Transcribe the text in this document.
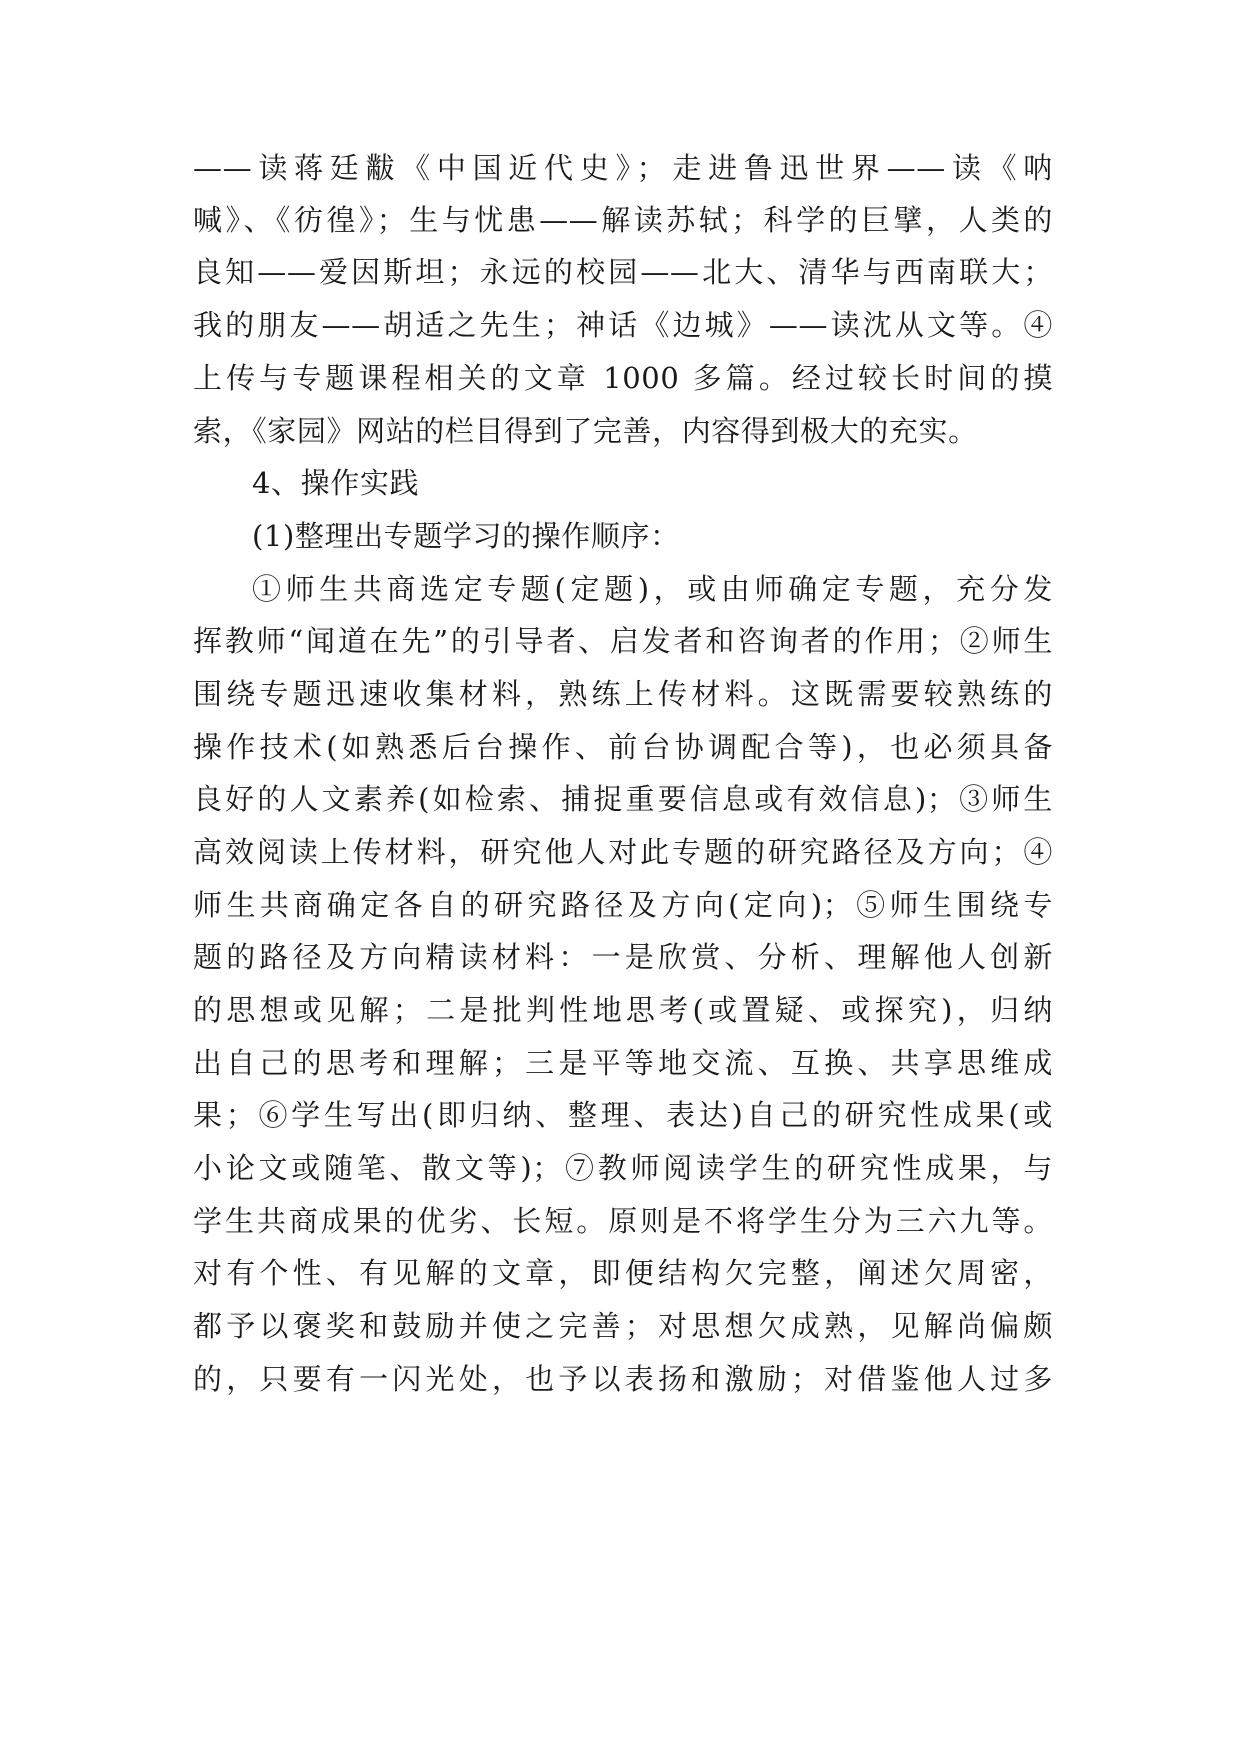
——读蒋廷黻《中国近代史》；走进鲁迅世界——读《呐
喊》、《彷徨》；生与忧患——解读苏轼；科学的巨擘，人类的
良知——爱因斯坦；永远的校园——北大、清华与西南联大；
我的朋友——胡适之先生；神话《边城》——读沈从文等。④
上传与专题课程相关的文章 1000 多篇。经过较长时间的摸
索，《家园》网站的栏目得到了完善，内容得到极大的充实。
4、操作实践
(1)整理出专题学习的操作顺序：
①师生共商选定专题(定题)，或由师确定专题，充分发
挥教师“闻道在先”的引导者、启发者和咨询者的作用；②师生
围绕专题迅速收集材料，熟练上传材料。这既需要较熟练的
操作技术(如熟悉后台操作、前台协调配合等)，也必须具备
良好的人文素养(如检索、捕捉重要信息或有效信息)；③师生
高效阅读上传材料，研究他人对此专题的研究路径及方向；④
师生共商确定各自的研究路径及方向(定向)；⑤师生围绕专
题的路径及方向精读材料：一是欣赏、分析、理解他人创新
的思想或见解；二是批判性地思考(或置疑、或探究)，归纳
出自己的思考和理解；三是平等地交流、互换、共享思维成
果；⑥学生写出(即归纳、整理、表达)自己的研究性成果(或
小论文或随笔、散文等)；⑦教师阅读学生的研究性成果，与
学生共商成果的优劣、长短。原则是不将学生分为三六九等。
对有个性、有见解的文章，即便结构欠完整，阐述欠周密，
都予以褒奖和鼓励并使之完善；对思想欠成熟，见解尚偏颇
的，只要有一闪光处，也予以表扬和激励；对借鉴他人过多
